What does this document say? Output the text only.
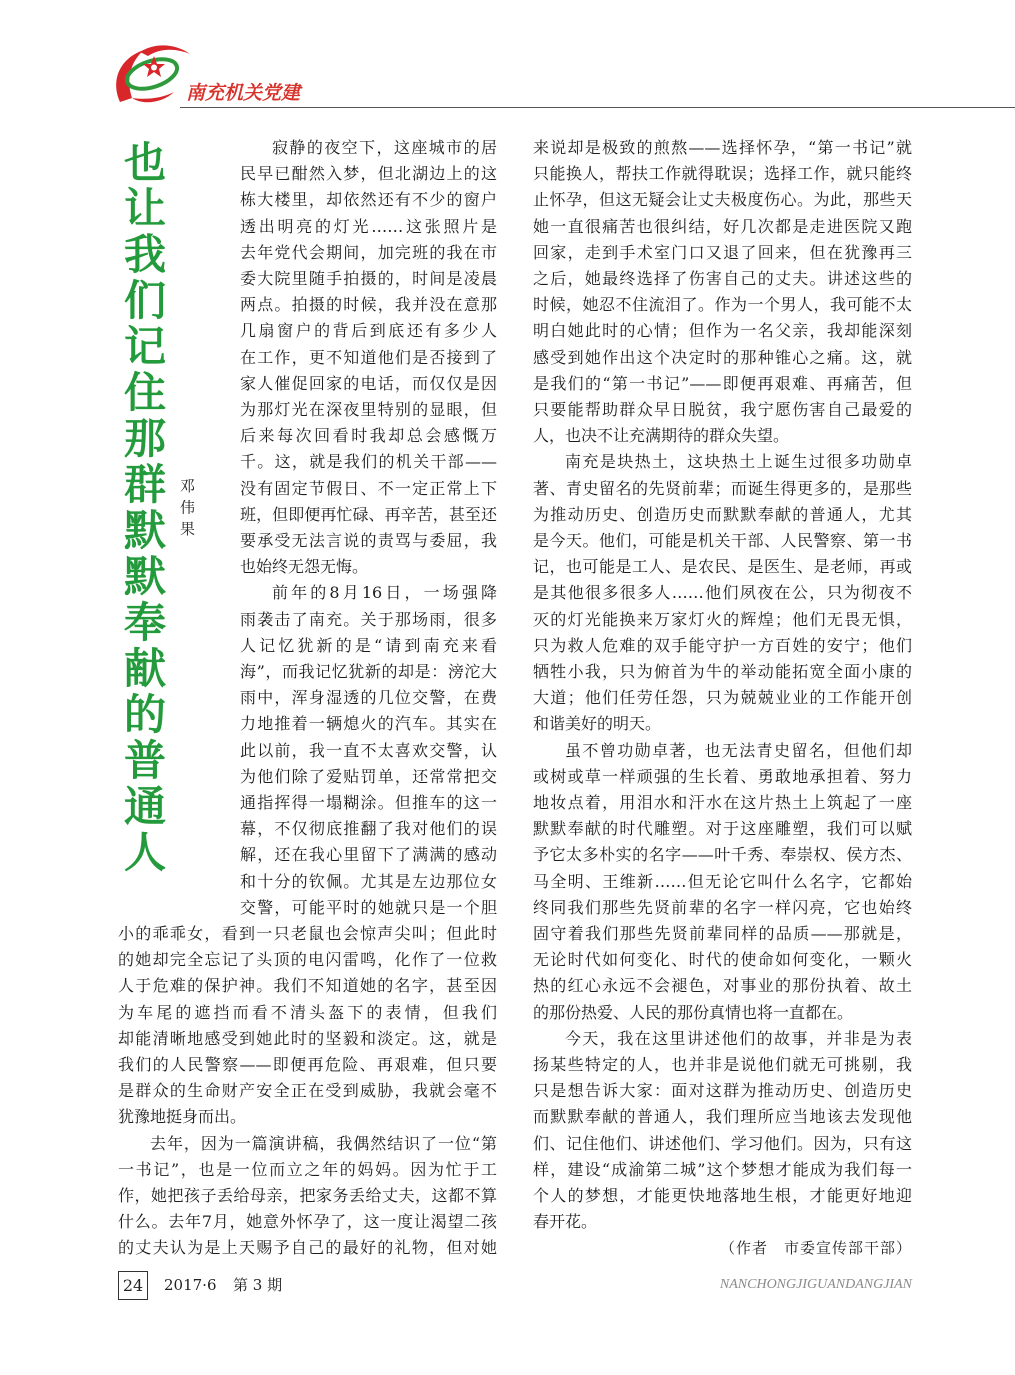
南充机关党建
也让我们记住那群默默奉献的普通人 邓伟果
寂静的夜空下，这座城市的居
民早已酣然入梦，但北湖边上的这
栋大楼里，却依然还有不少的窗户
透出明亮的灯光……这张照片是
去年党代会期间，加完班的我在市
委大院里随手拍摄的，时间是凌晨
两点。拍摄的时候，我并没在意那
几扇窗户的背后到底还有多少人
在工作，更不知道他们是否接到了
家人催促回家的电话，而仅仅是因
为那灯光在深夜里特别的显眼，但
后来每次回看时我却总会感慨万
千。这，就是我们的机关干部——
没有固定节假日、不一定正常上下
班，但即便再忙碌、再辛苦，甚至还
要承受无法言说的责骂与委屈，我
也始终无怨无悔。
前年的8月16日，一场强降
雨袭击了南充。关于那场雨，很多
人记忆犹新的是“请到南充来看
海”，而我记忆犹新的却是：滂沱大
雨中，浑身湿透的几位交警，在费
力地推着一辆熄火的汽车。其实在
此以前，我一直不太喜欢交警，认
为他们除了爱贴罚单，还常常把交
通指挥得一塌糊涂。但推车的这一
幕，不仅彻底推翻了我对他们的误
解，还在我心里留下了满满的感动
和十分的钦佩。尤其是左边那位女
交警，可能平时的她就只是一个胆
小的乖乖女，看到一只老鼠也会惊声尖叫；但此时
的她却完全忘记了头顶的电闪雷鸣，化作了一位救
人于危难的保护神。我们不知道她的名字，甚至因
为车尾的遮挡而看不清头盔下的表情，但我们
却能清晰地感受到她此时的坚毅和淡定。这，就是
我们的人民警察——即便再危险、再艰难，但只要
是群众的生命财产安全正在受到威胁，我就会毫不
犹豫地挺身而出。
去年，因为一篇演讲稿，我偶然结识了一位“第
一书记”，也是一位而立之年的妈妈。因为忙于工
作，她把孩子丢给母亲，把家务丢给丈夫，这都不算
什么。去年7月，她意外怀孕了，这一度让渴望二孩
的丈夫认为是上天赐予自己的最好的礼物，但对她
来说却是极致的煎熬——选择怀孕，“第一书记”就
只能换人，帮扶工作就得耽误；选择工作，就只能终
止怀孕，但这无疑会让丈夫极度伤心。为此，那些天
她一直很痛苦也很纠结，好几次都是走进医院又跑
回家，走到手术室门口又退了回来，但在犹豫再三
之后，她最终选择了伤害自己的丈夫。讲述这些的
时候，她忍不住流泪了。作为一个男人，我可能不太
明白她此时的心情；但作为一名父亲，我却能深刻
感受到她作出这个决定时的那种锥心之痛。这，就
是我们的“第一书记”——即便再艰难、再痛苦，但
只要能帮助群众早日脱贫，我宁愿伤害自己最爱的
人，也决不让充满期待的群众失望。
南充是块热土，这块热土上诞生过很多功勋卓
著、青史留名的先贤前辈；而诞生得更多的，是那些
为推动历史、创造历史而默默奉献的普通人，尤其
是今天。他们，可能是机关干部、人民警察、第一书
记，也可能是工人、是农民、是医生、是老师，再或
是其他很多很多人……他们夙夜在公，只为彻夜不
灭的灯光能换来万家灯火的辉煌；他们无畏无惧，
只为救人危难的双手能守护一方百姓的安宁；他们
牺牲小我，只为俯首为牛的举动能拓宽全面小康的
大道；他们任劳任怨，只为兢兢业业的工作能开创
和谐美好的明天。
虽不曾功勋卓著，也无法青史留名，但他们却
或树或草一样顽强的生长着、勇敢地承担着、努力
地妆点着，用泪水和汗水在这片热土上筑起了一座
默默奉献的时代雕塑。对于这座雕塑，我们可以赋
予它太多朴实的名字——叶千秀、奉崇权、侯方杰、
马全明、王维新……但无论它叫什么名字，它都始
终同我们那些先贤前辈的名字一样闪亮，它也始终
固守着我们那些先贤前辈同样的品质——那就是，
无论时代如何变化、时代的使命如何变化，一颗火
热的红心永远不会褪色，对事业的那份执着、故土
的那份热爱、人民的那份真情也将一直都在。
今天，我在这里讲述他们的故事，并非是为表
扬某些特定的人，也并非是说他们就无可挑剔，我
只是想告诉大家：面对这群为推动历史、创造历史
而默默奉献的普通人，我们理所应当地该去发现他
们、记住他们、讲述他们、学习他们。因为，只有这
样，建设“成渝第二城”这个梦想才能成为我们每一
个人的梦想，才能更快地落地生根，才能更好地迎
春开花。
（作者　市委宣传部干部）
24	2017·6 第 3 期	NANCHONGJIGUANDANGJIAN
